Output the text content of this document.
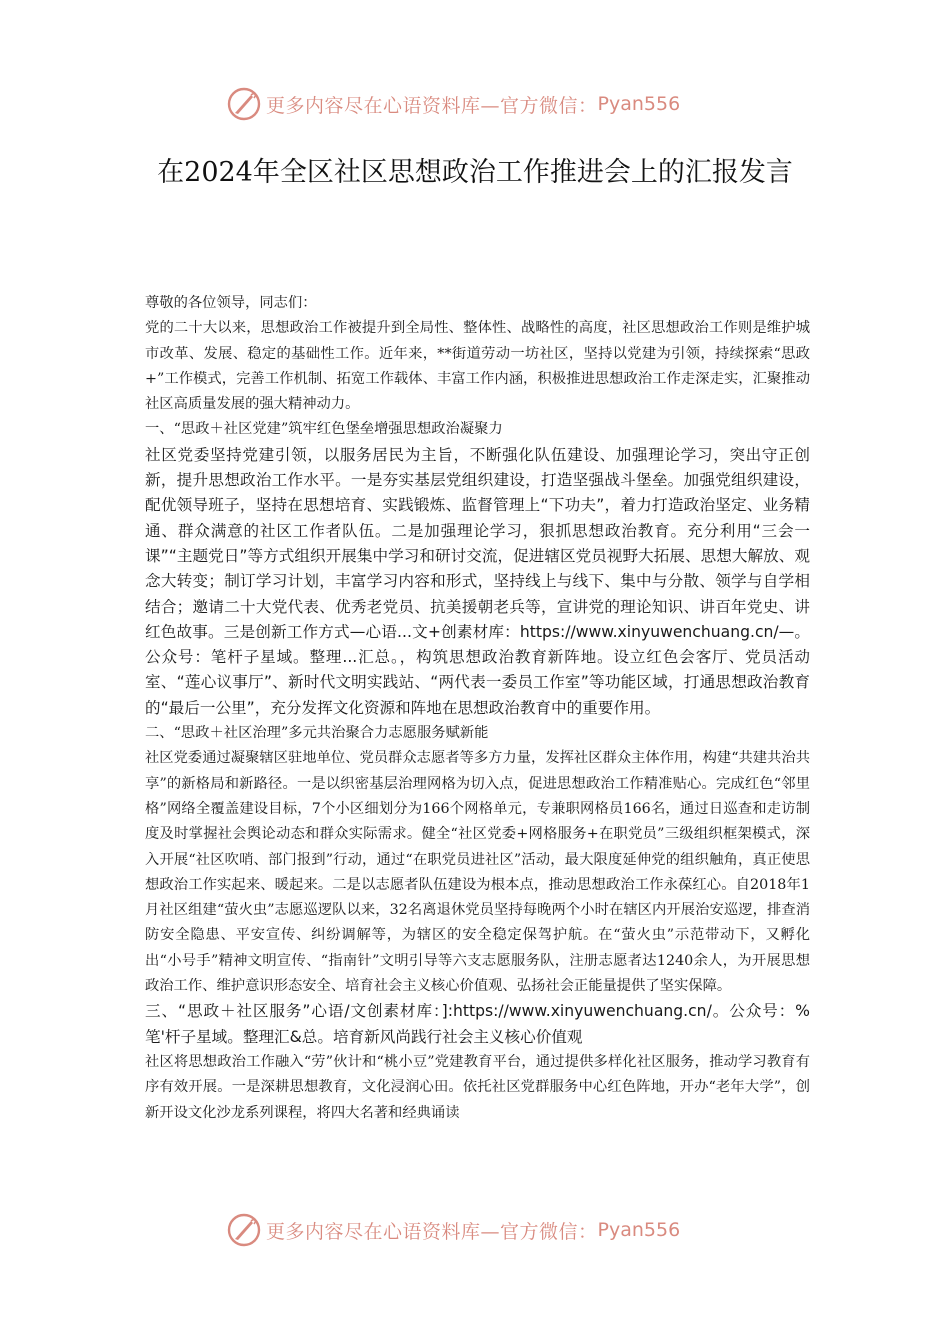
更多内容尽在心语资料库—官方微信： Pyan556
在2024年全区社区思想政治工作推进会上的汇报发言

尊敬的各位领导，同志们：

党的二十大以来，思想政治工作被提升到全局性、整体性、战略性的高度，社区思想政治工作则是维护城市改革、发展、稳定的基础性工作。近年来，**街道劳动一坊社区，坚持以党建为引领，持续探索“思政+”工作模式，完善工作机制、拓宽工作载体、丰富工作内涵，积极推进思想政治工作走深走实，汇聚推动社区高质量发展的强大精神动力。

一、“思政＋社区党建”筑牢红色堡垒增强思想政治凝聚力

社区党委坚持党建引领，以服务居民为主旨，不断强化队伍建设、加强理论学习，突出守正创新，提升思想政治工作水平。一是夯实基层党组织建设，打造坚强战斗堡垒。加强党组织建设，配优领导班子，坚持在思想培育、实践锻炼、监督管理上“下功夫”，着力打造政治坚定、业务精通、群众满意的社区工作者队伍。二是加强理论学习，狠抓思想政治教育。充分利用“三会一课”“主题党日”等方式组织开展集中学习和研讨交流，促进辖区党员视野大拓展、思想大解放、观念大转变；制订学习计划，丰富学习内容和形式，坚持线上与线下、集中与分散、领学与自学相结合；邀请二十大党代表、优秀老党员、抗美援朝老兵等，宣讲党的理论知识、讲百年党史、讲红色故事。三是创新工作方式—心语...文+创素材库：https://www.xinyuwenchuang.cn/—。公众号：笔杆子星域。整理...汇总。，构筑思想政治教育新阵地。设立红色会客厅、党员活动室、“莲心议事厅”、新时代文明实践站、“两代表一委员工作室”等功能区域，打通思想政治教育的“最后一公里”，充分发挥文化资源和阵地在思想政治教育中的重要作用。

二、“思政＋社区治理”多元共治聚合力志愿服务赋新能

社区党委通过凝聚辖区驻地单位、党员群众志愿者等多方力量，发挥社区群众主体作用，构建“共建共治共享”的新格局和新路径。一是以织密基层治理网格为切入点，促进思想政治工作精准贴心。完成红色“邻里格”网络全覆盖建设目标，7个小区细划分为166个网格单元，专兼职网格员166名，通过日巡查和走访制度及时掌握社会舆论动态和群众实际需求。健全“社区党委+网格服务+在职党员”三级组织框架模式，深入开展“社区吹哨、部门报到”行动，通过“在职党员进社区”活动，最大限度延伸党的组织触角，真正使思想政治工作实起来、暖起来。二是以志愿者队伍建设为根本点，推动思想政治工作永葆红心。自2018年1月社区组建“萤火虫”志愿巡逻队以来，32名离退休党员坚持每晚两个小时在辖区内开展治安巡逻，排查消防安全隐患、平安宣传、纠纷调解等，为辖区的安全稳定保驾护航。在“萤火虫”示范带动下，又孵化出“小号手”精神文明宣传、“指南针”文明引导等六支志愿服务队，注册志愿者达1240余人，为开展思想政治工作、维护意识形态安全、培育社会主义核心价值观、弘扬社会正能量提供了坚实保障。

三、“思政＋社区服务”心语/文创素材库：]:https://www.xinyuwenchuang.cn/。公众号：%笔'杆子星域。整理汇&总。培育新风尚践行社会主义核心价值观

社区将思想政治工作融入“劳”伙计和“桃小豆”党建教育平台，通过提供多样化社区服务，推动学习教育有序有效开展。一是深耕思想教育，文化浸润心田。依托社区党群服务中心红色阵地，开办“老年大学”，创新开设文化沙龙系列课程，将四大名著和经典诵读

更多内容尽在心语资料库—官方微信： Pyan556
